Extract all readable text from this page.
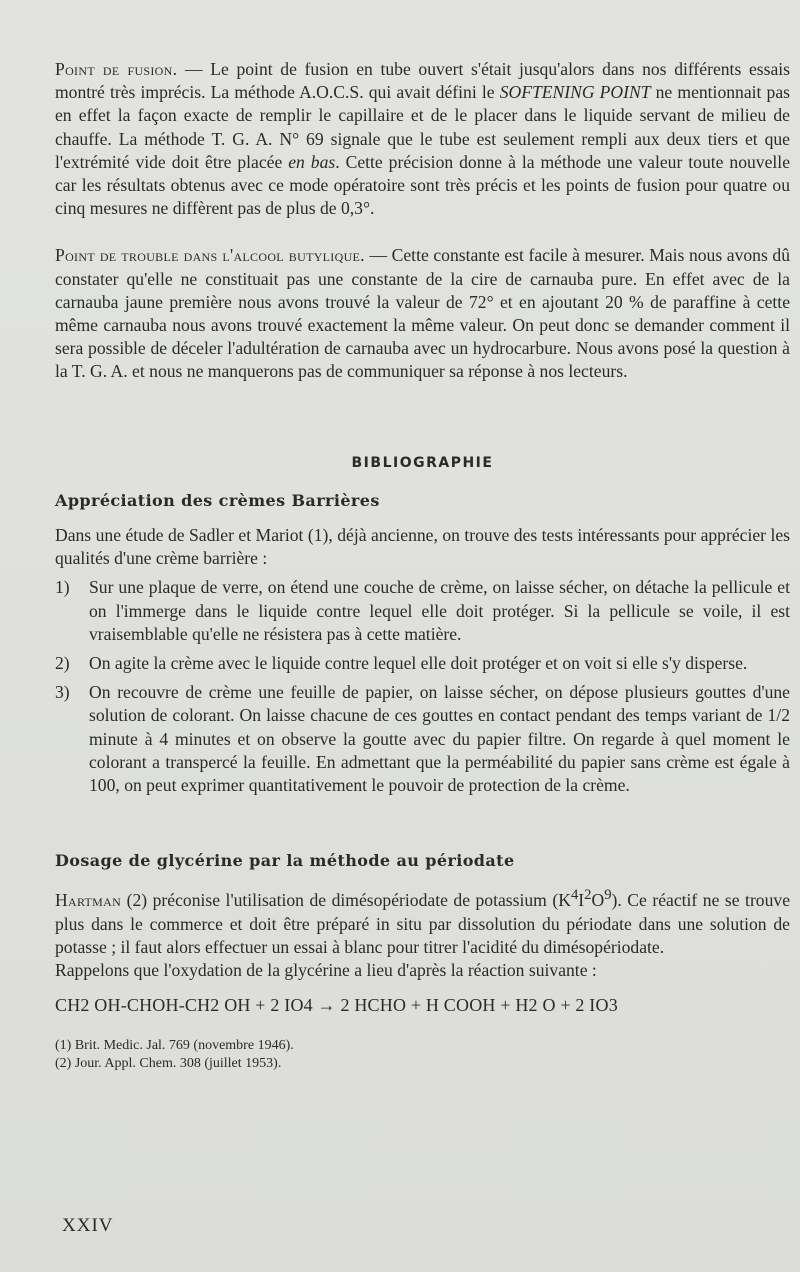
Point de fusion. — Le point de fusion en tube ouvert s'était jusqu'alors dans nos différents essais montré très imprécis. La méthode A.O.C.S. qui avait défini le SOFTENING POINT ne mentionnait pas en effet la façon exacte de remplir le capillaire et de le placer dans le liquide servant de milieu de chauffe. La méthode T. G. A. N° 69 signale que le tube est seulement rempli aux deux tiers et que l'extrémité vide doit être placée en bas. Cette précision donne à la méthode une valeur toute nouvelle car les résultats obtenus avec ce mode opératoire sont très précis et les points de fusion pour quatre ou cinq mesures ne diffèrent pas de plus de 0,3°.

Point de trouble dans l'alcool butylique. — Cette constante est facile à mesurer. Mais nous avons dû constater qu'elle ne constituait pas une constante de la cire de carnauba pure. En effet avec de la carnauba jaune première nous avons trouvé la valeur de 72° et en ajoutant 20 % de paraffine à cette même carnauba nous avons trouvé exactement la même valeur. On peut donc se demander comment il sera possible de déceler l'adultération de carnauba avec un hydrocarbure. Nous avons posé la question à la T. G. A. et nous ne manquerons pas de communiquer sa réponse à nos lecteurs.

BIBLIOGRAPHIE

Appréciation des crèmes Barrières

Dans une étude de Sadler et Mariot (1), déjà ancienne, on trouve des tests intéressants pour apprécier les qualités d'une crème barrière :

1)	Sur une plaque de verre, on étend une couche de crème, on laisse sécher, on détache la pellicule et on l'immerge dans le liquide contre lequel elle doit protéger. Si la pellicule se voile, il est vraisemblable qu'elle ne résistera pas à cette matière.
2)	On agite la crème avec le liquide contre lequel elle doit protéger et on voit si elle s'y disperse.
3)	On recouvre de crème une feuille de papier, on laisse sécher, on dépose plusieurs gouttes d'une solution de colorant. On laisse chacune de ces gouttes en contact pendant des temps variant de 1/2 minute à 4 minutes et on observe la goutte avec du papier filtre. On regarde à quel moment le colorant a transpercé la feuille. En admettant que la perméabilité du papier sans crème est égale à 100, on peut exprimer quantitativement le pouvoir de protection de la crème.

Dosage de glycérine par la méthode au périodate

Hartman (2) préconise l'utilisation de dimésopériodate de potassium $(K^4I^2O^9)$. Ce réactif ne se trouve plus dans le commerce et doit être préparé in situ par dissolution du périodate dans une solution de potasse ; il faut alors effectuer un essai à blanc pour titrer l'acidité du dimésopériodate.

Rappelons que l'oxydation de la glycérine a lieu d'après la réaction suivante :

CH2 OH-CHOH-CH2 OH + 2 IO4 → 2 HCHO + H COOH + H2 O + 2 IO3
(1) Brit. Medic. Jal. 769 (novembre 1946).
(2) Jour. Appl. Chem. 308 (juillet 1953).
XXIV
